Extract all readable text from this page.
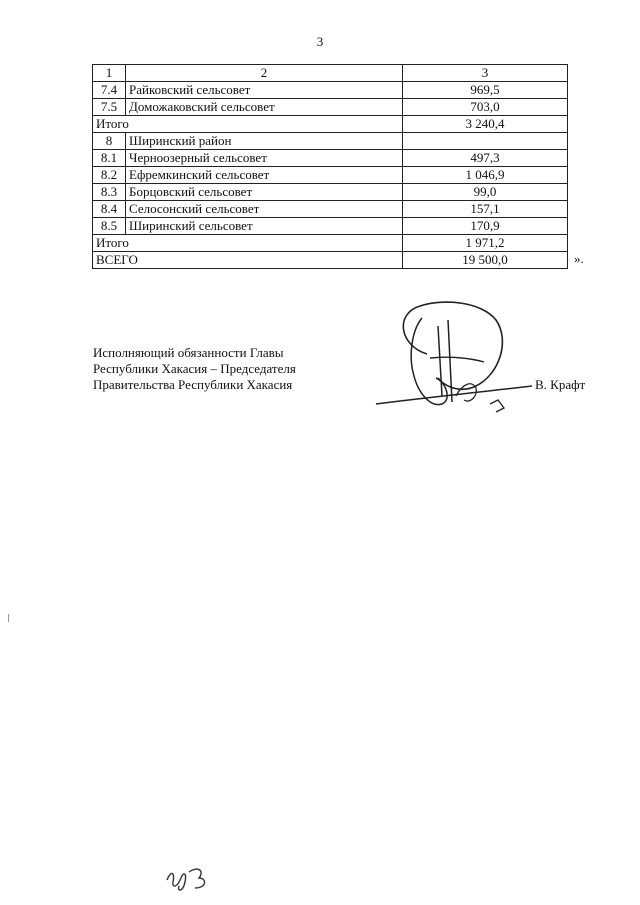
3
1	2	3
7.4	Райковский сельсовет	969,5
7.5	Доможаковский сельсовет	703,0
Итого		3 240,4
8	Ширинский район	
8.1	Черноозерный сельсовет	497,3
8.2	Ефремкинский сельсовет	1 046,9
8.3	Борцовский сельсовет	99,0
8.4	Селосонский сельсовет	157,1
8.5	Ширинский сельсовет	170,9
Итого		1 971,2
ВСЕГО		19 500,0	».
Исполняющий обязанности Главы
Республики Хакасия – Председателя
Правительства Республики Хакасия	В. Крафт
